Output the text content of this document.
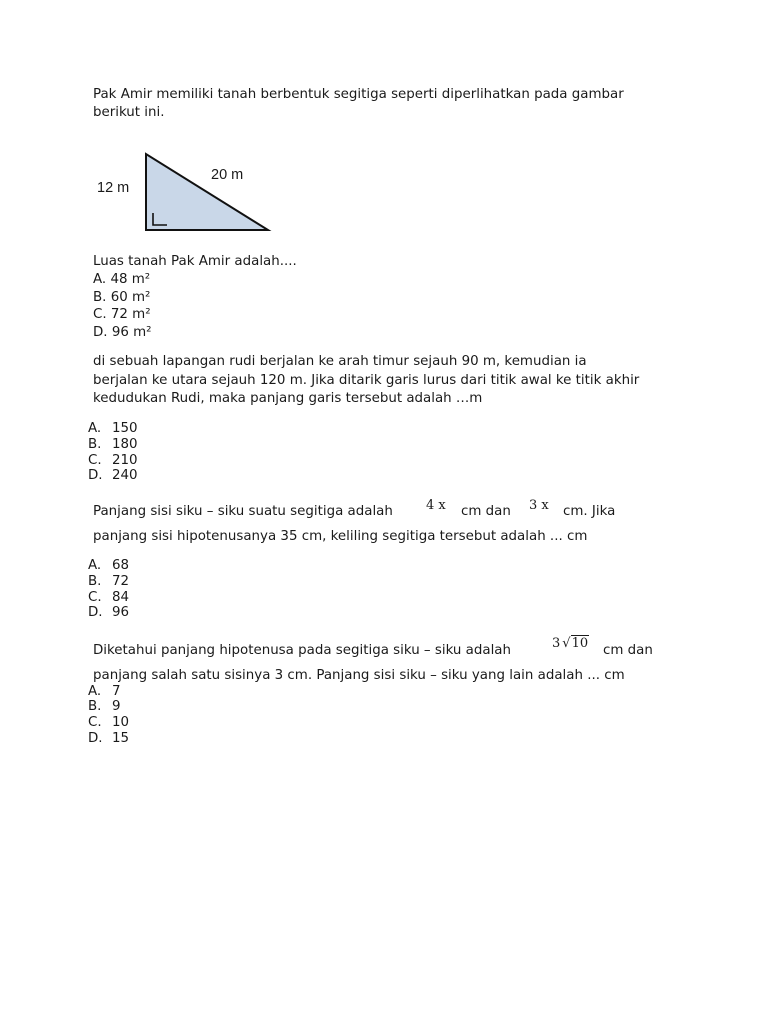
Pak Amir memiliki tanah berbentuk segitiga seperti diperlihatkan pada gambar
berikut ini.
12 m
20 m
Luas tanah Pak Amir adalah....
A. 48 m²
B. 60 m²
C. 72 m²
D. 96 m²
di sebuah lapangan rudi berjalan ke arah timur sejauh 90 m, kemudian ia
berjalan ke utara sejauh 120 m. Jika ditarik garis lurus dari titik awal ke titik akhir
kedudukan Rudi, maka panjang garis tersebut adalah …m
A. 150
B. 180
C. 210
D. 240
Panjang sisi siku – siku suatu segitiga adalah	4 x cm dan 3 x cm. Jika
panjang sisi hipotenusanya 35 cm, keliling segitiga tersebut adalah ... cm
A. 68
B. 72
C. 84
D. 96
Diketahui panjang hipotenusa pada segitiga siku – siku adalah	3 √10 cm dan
panjang salah satu sisinya 3 cm. Panjang sisi siku – siku yang lain adalah ... cm
A. 7
B. 9
C. 10
D. 15
